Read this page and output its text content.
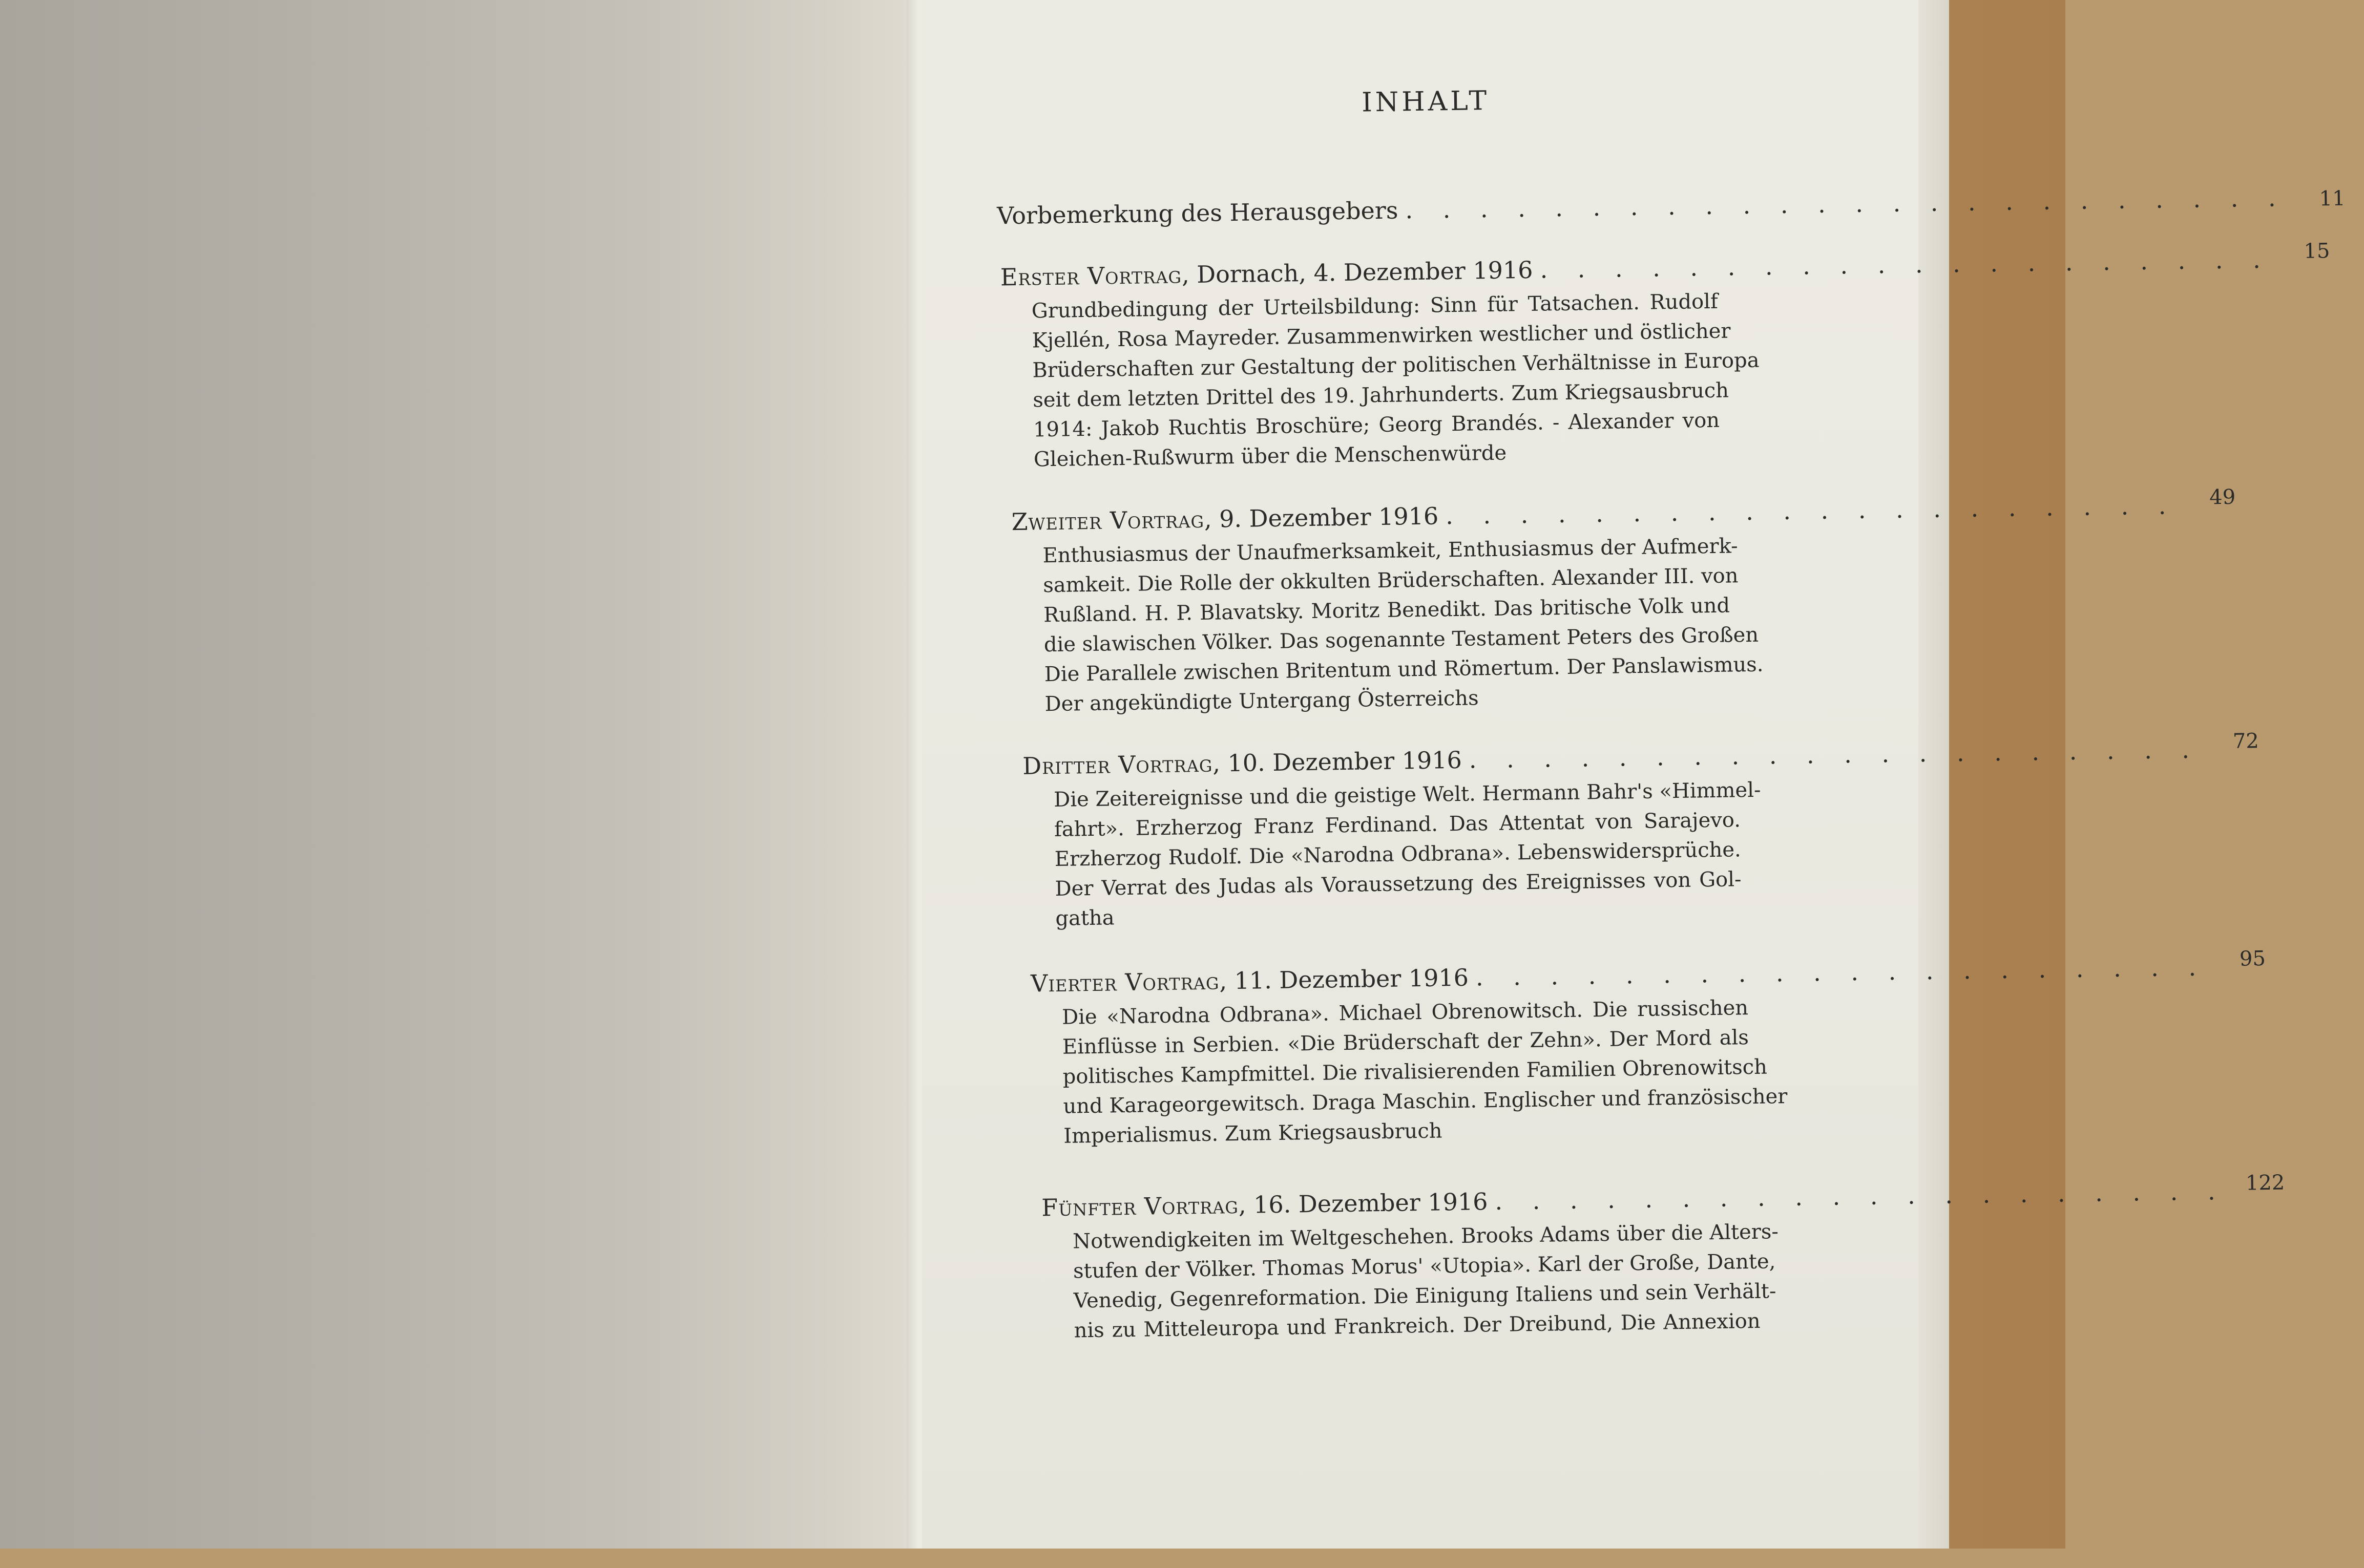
INHALT
Vorbemerkung des Herausgebers . . . . . . . . . . . . . . . . . . . . . . . .	11
Erster Vortrag, Dornach, 4. Dezember 1916 . . . . . . . . . . . . . . . . . . . .	15
Grundbedingung der Urteilsbildung: Sinn für Tatsachen. Rudolf
Kjellén, Rosa Mayreder. Zusammenwirken westlicher und östlicher
Brüderschaften zur Gestaltung der politischen Verhältnisse in Europa
seit dem letzten Drittel des 19. Jahrhunderts. Zum Kriegsausbruch
1914: Jakob Ruchtis Broschüre; Georg Brandés. - Alexander von
Gleichen-Rußwurm über die Menschenwürde
Zweiter Vortrag, 9. Dezember 1916 . . . . . . . . . . . . . . . . . . . .	49
Enthusiasmus der Unaufmerksamkeit, Enthusiasmus der Aufmerk-
samkeit. Die Rolle der okkulten Brüderschaften. Alexander III. von
Rußland. H. P. Blavatsky. Moritz Benedikt. Das britische Volk und
die slawischen Völker. Das sogenannte Testament Peters des Großen
Die Parallele zwischen Britentum und Römertum. Der Panslawismus.
Der angekündigte Untergang Österreichs
Dritter Vortrag, 10. Dezember 1916 . . . . . . . . . . . . . . . . . . . .	72
Die Zeitereignisse und die geistige Welt. Hermann Bahr's «Himmel-
fahrt». Erzherzog Franz Ferdinand. Das Attentat von Sarajevo.
Erzherzog Rudolf. Die «Narodna Odbrana». Lebenswidersprüche.
Der Verrat des Judas als Voraussetzung des Ereignisses von Gol-
gatha
Vierter Vortrag, 11. Dezember 1916 . . . . . . . . . . . . . . . . . . . .	95
Die «Narodna Odbrana». Michael Obrenowitsch. Die russischen
Einflüsse in Serbien. «Die Brüderschaft der Zehn». Der Mord als
politisches Kampfmittel. Die rivalisierenden Familien Obrenowitsch
und Karageorgewitsch. Draga Maschin. Englischer und französischer
Imperialismus. Zum Kriegsausbruch
Fünfter Vortrag, 16. Dezember 1916 . . . . . . . . . . . . . . . . . . . . 122
Notwendigkeiten im Weltgeschehen. Brooks Adams über die Alters-
stufen der Völker. Thomas Morus' «Utopia». Karl der Große, Dante,
Venedig, Gegenreformation. Die Einigung Italiens und sein Verhält-
nis zu Mitteleuropa und Frankreich. Der Dreibund, Die Annexion
